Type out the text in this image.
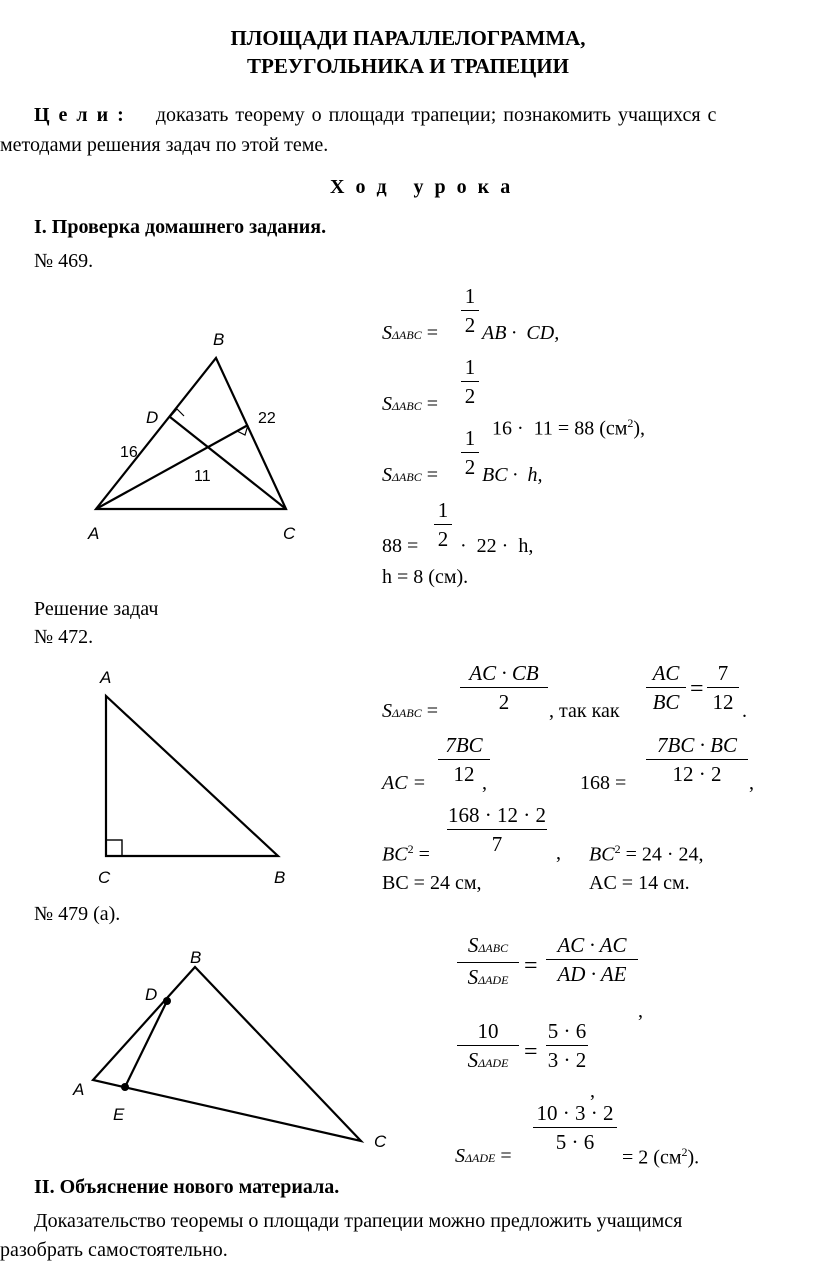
ПЛОЩАДИ ПАРАЛЛЕЛОГРАММА,
ТРЕУГОЛЬНИКА И ТРАПЕЦИИ
Ц е л и : доказать теорему о площади трапеции; познакомить учащихся с
методами решения задач по этой теме.
Х о д   у р о к а
I. Проверка домашнего задания.
№ 469.
B
D
A	C
16
22
11
SΔABC =
1
2 AB ·  CD,
SΔABC =
1
2

16 ·  11 = 88 $(см^2)$,

SΔABC =
1
2 BC ·  h,
88 =
1
2 ·  22 ·  h,
h = 8 (см).
Решение задач
№ 472.
A
C	B
SΔABC =
AC · CB
2	, так как
AC
BC =
7
12 .
AC =
7BC
12 ,	168 =
7BC · BC
12 · 2	,
$BC^2$ =
168 · 12 · 2
7	, $BC^2 = 24 \cdot 24$,
BC = 24 см,	AC = 14 см.
№ 479 (а).
B
D
A
E
C
SΔABC
SΔADE
=
AC · AC
AD · AE
,
10
SΔADE =
5 · 6
3 · 2
,
SΔADE =
10 · 3 · 2
5 · 6
= 2 $(см^2)$.
II. Объяснение нового материала.
Доказательство теоремы о площади трапеции можно предложить учащимся
разобрать самостоятельно.
